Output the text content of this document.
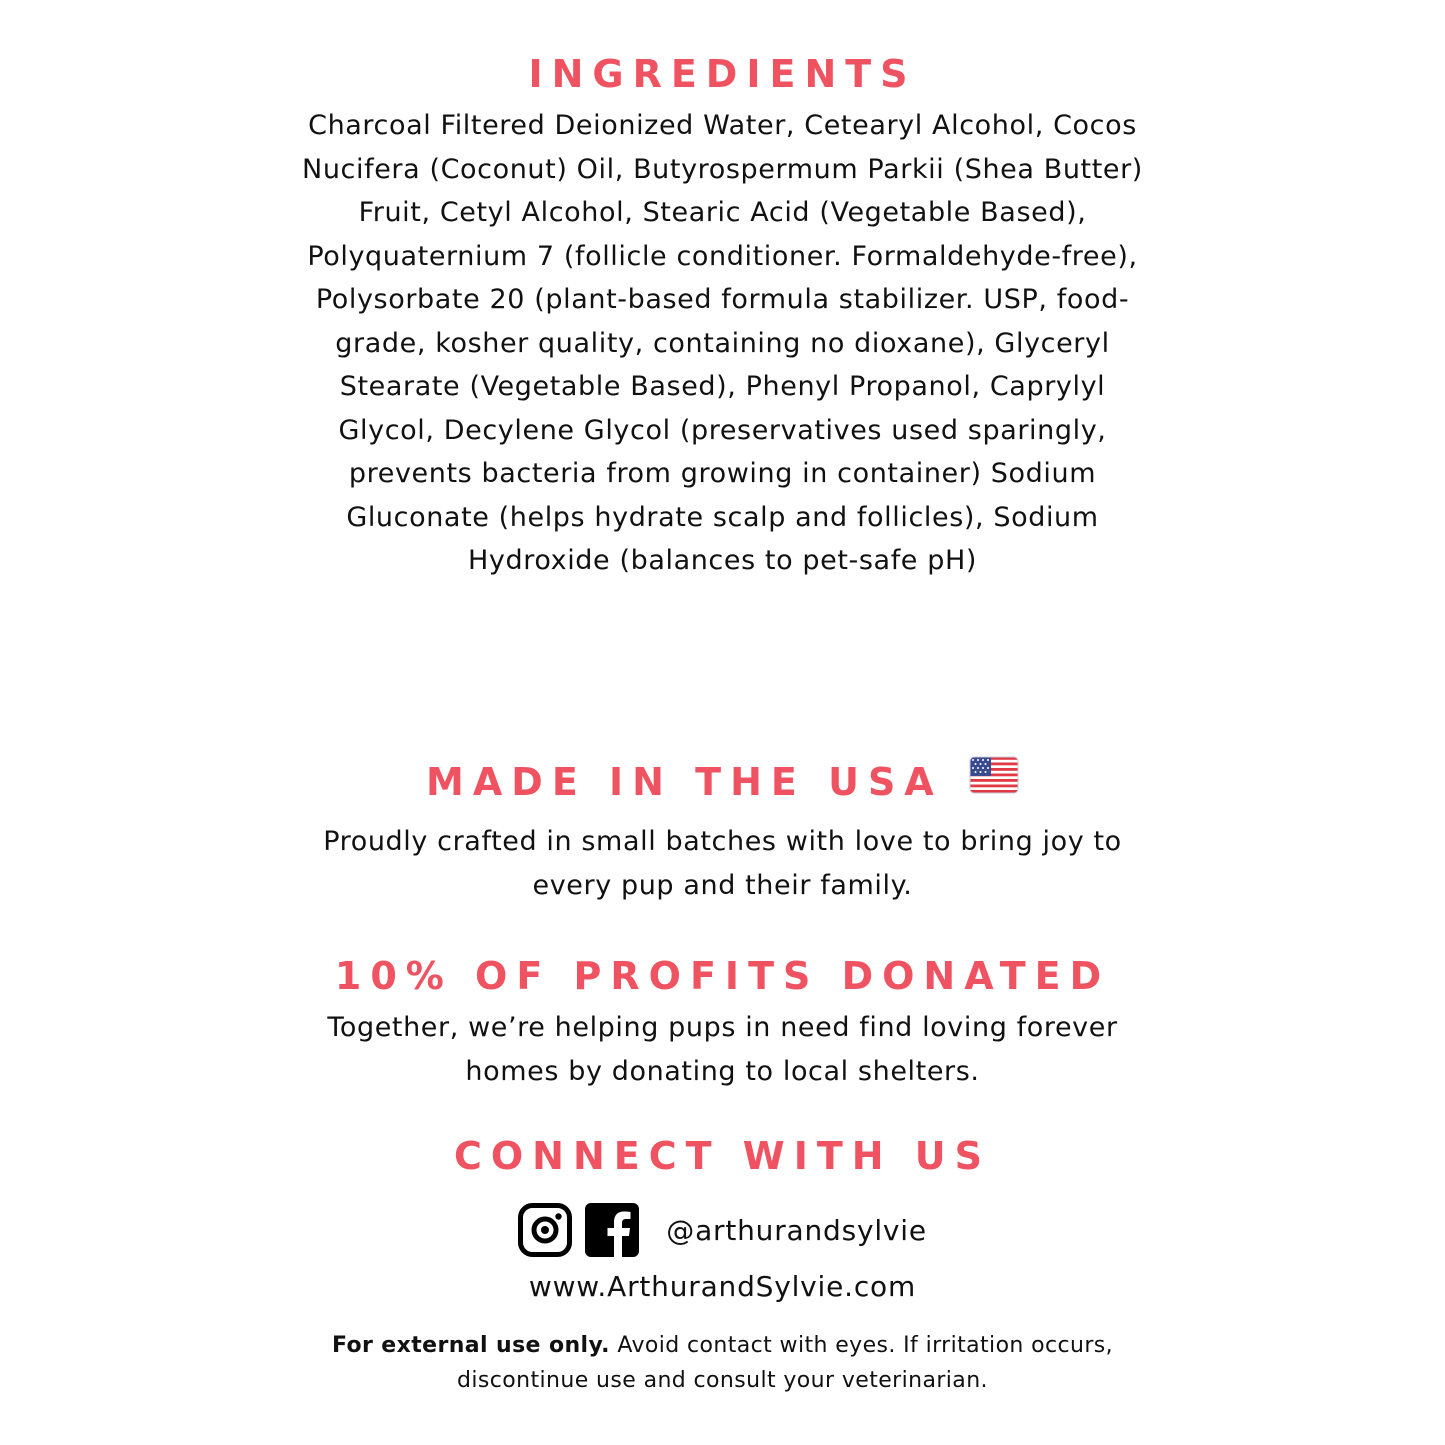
INGREDIENTS

Charcoal Filtered Deionized Water, Cetearyl Alcohol, Cocos Nucifera (Coconut) Oil, Butyrospermum Parkii (Shea Butter) Fruit, Cetyl Alcohol, Stearic Acid (Vegetable Based), Polyquaternium 7 (follicle conditioner. Formaldehyde-free), Polysorbate 20 (plant-based formula stabilizer. USP, food-grade, kosher quality, containing no dioxane), Glyceryl Stearate (Vegetable Based), Phenyl Propanol, Caprylyl Glycol, Decylene Glycol (preservatives used sparingly, prevents bacteria from growing in container) Sodium Gluconate (helps hydrate scalp and follicles), Sodium Hydroxide (balances to pet-safe pH)

MADE IN THE USA

Proudly crafted in small batches with love to bring joy to every pup and their family.

10% OF PROFITS DONATED

Together, we’re helping pups in need find loving forever homes by donating to local shelters.

CONNECT WITH US
@arthurandsylvie
www.ArthurandSylvie.com

For external use only. Avoid contact with eyes. If irritation occurs, discontinue use and consult your veterinarian.
